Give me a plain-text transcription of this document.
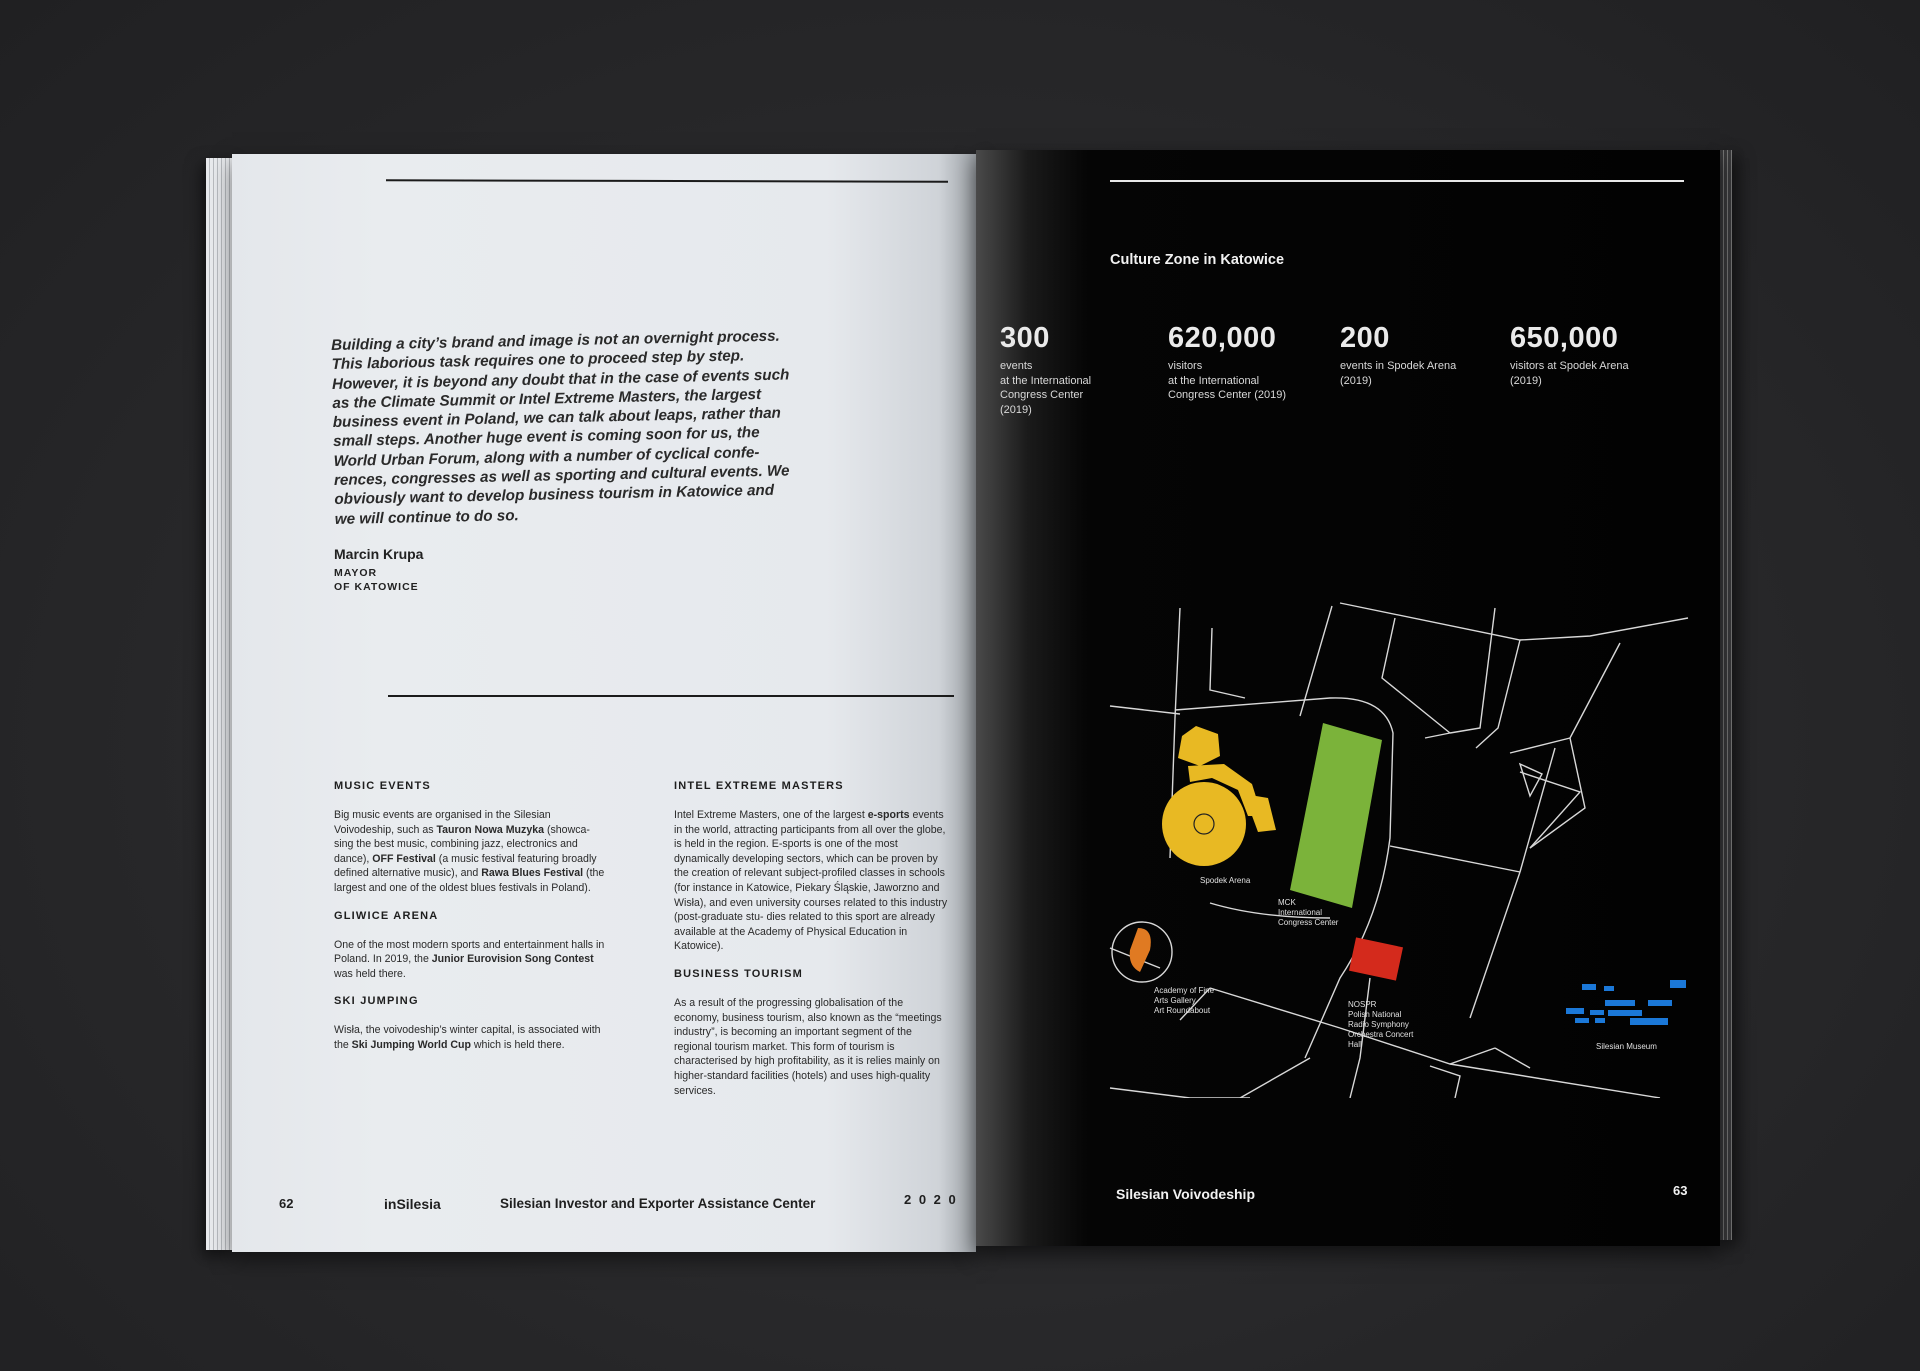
Building a city’s brand and image is not an overnight process. This laborious task requires one to proceed step by step. However, it is beyond any doubt that in the case of events such as the Climate Summit or Intel Extreme Masters, the largest business event in Poland, we can talk about leaps, rather than small steps. Another huge event is coming soon for us, the World Urban Forum, along with a number of cyclical confe- rences, congresses as well as sporting and cultural events. We obviously want to develop business tourism in Katowice and we will continue to do so.
Marcin Krupa
MAYOR
OF KATOWICE
MUSIC EVENTS

Big music events are organised in the Silesian Voivodeship, such as Tauron Nowa Muzyka (showca- sing the best music, combining jazz, electronics and dance), OFF Festival (a music festival featuring broadly defined alternative music), and Rawa Blues Festival (the largest and one of the oldest blues festivals in Poland).

GLIWICE ARENA

One of the most modern sports and entertainment halls in Poland. In 2019, the Junior Eurovision Song Contest was held there.

SKI JUMPING

Wisła, the voivodeship’s winter capital, is associated with the Ski Jumping World Cup which is held there.

INTEL EXTREME MASTERS

Intel Extreme Masters, one of the largest e-sports events in the world, attracting participants from all over the globe, is held in the region. E-sports is one of the most dynamically developing sectors, which can be proven by the creation of relevant subject-profiled classes in schools (for instance in Katowice, Piekary Śląskie, Jaworzno and Wisła), and even university courses related to this industry (post-graduate stu- dies related to this sport are already available at the Academy of Physical Education in Katowice).

BUSINESS TOURISM

As a result of the progressing globalisation of the economy, business tourism, also known as the “meetings industry”, is becoming an important segment of the regional tourism market. This form of tourism is characterised by high profitability, as it is relies mainly on higher-standard facilities (hotels) and uses high-quality services.

62	inSilesia	Silesian Investor and Exporter Assistance Center	2 0 2 0
Culture Zone in Katowice
300
events
at the International
Congress Center
(2019)
620,000
visitors
at the International
Congress Center (2019)
200
events in Spodek Arena
(2019)
650,000
visitors at Spodek Arena
(2019)
Spodek Arena
MCK
International
Congress Center
Academy of Fine
Arts Gallery
Art Roundabout
NOSPR
Polish National
Radio Symphony
Orchestra Concert
Hall	Silesian Museum
Silesian Voivodeship	63
